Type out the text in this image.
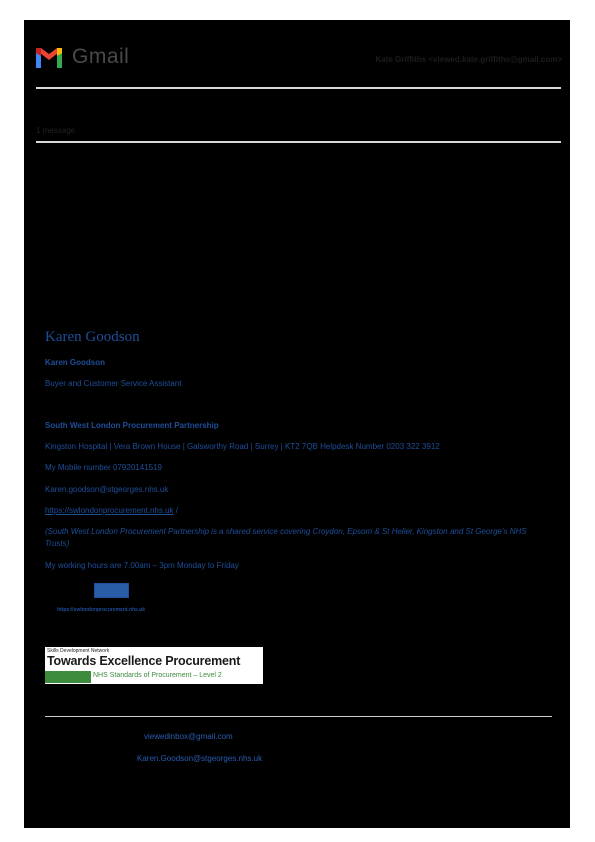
Gmail	Kate Griffiths <viewed.kate.griffiths@gmail.com>
1 message
Karen Goodson
Karen Goodson
Buyer and Customer Service Assistant
South West London Procurement Partnership
Kingston Hospital | Vera Brown House | Galsworthy Road | Surrey | KT2 7QB Helpdesk Number 0203 322 3912
My Mobile number 07920141519
Karen.goodson@stgeorges.nhs.uk
https://swlondonprocurement.nhs.uk /
(South West London Procurement Partnership is a shared service covering Croydon, Epsom & St Helier, Kingston and St George's NHS Trusts)
My working hours are 7.00am – 3pm Monday to Friday
https://swlondonprocurement.nhs.uk
Skills Development Network
Towards Excellence Procurement
NHS Standards of Procurement – Level 2
viewedinbox@gmail.com
Karen.Goodson@stgeorges.nhs.uk
